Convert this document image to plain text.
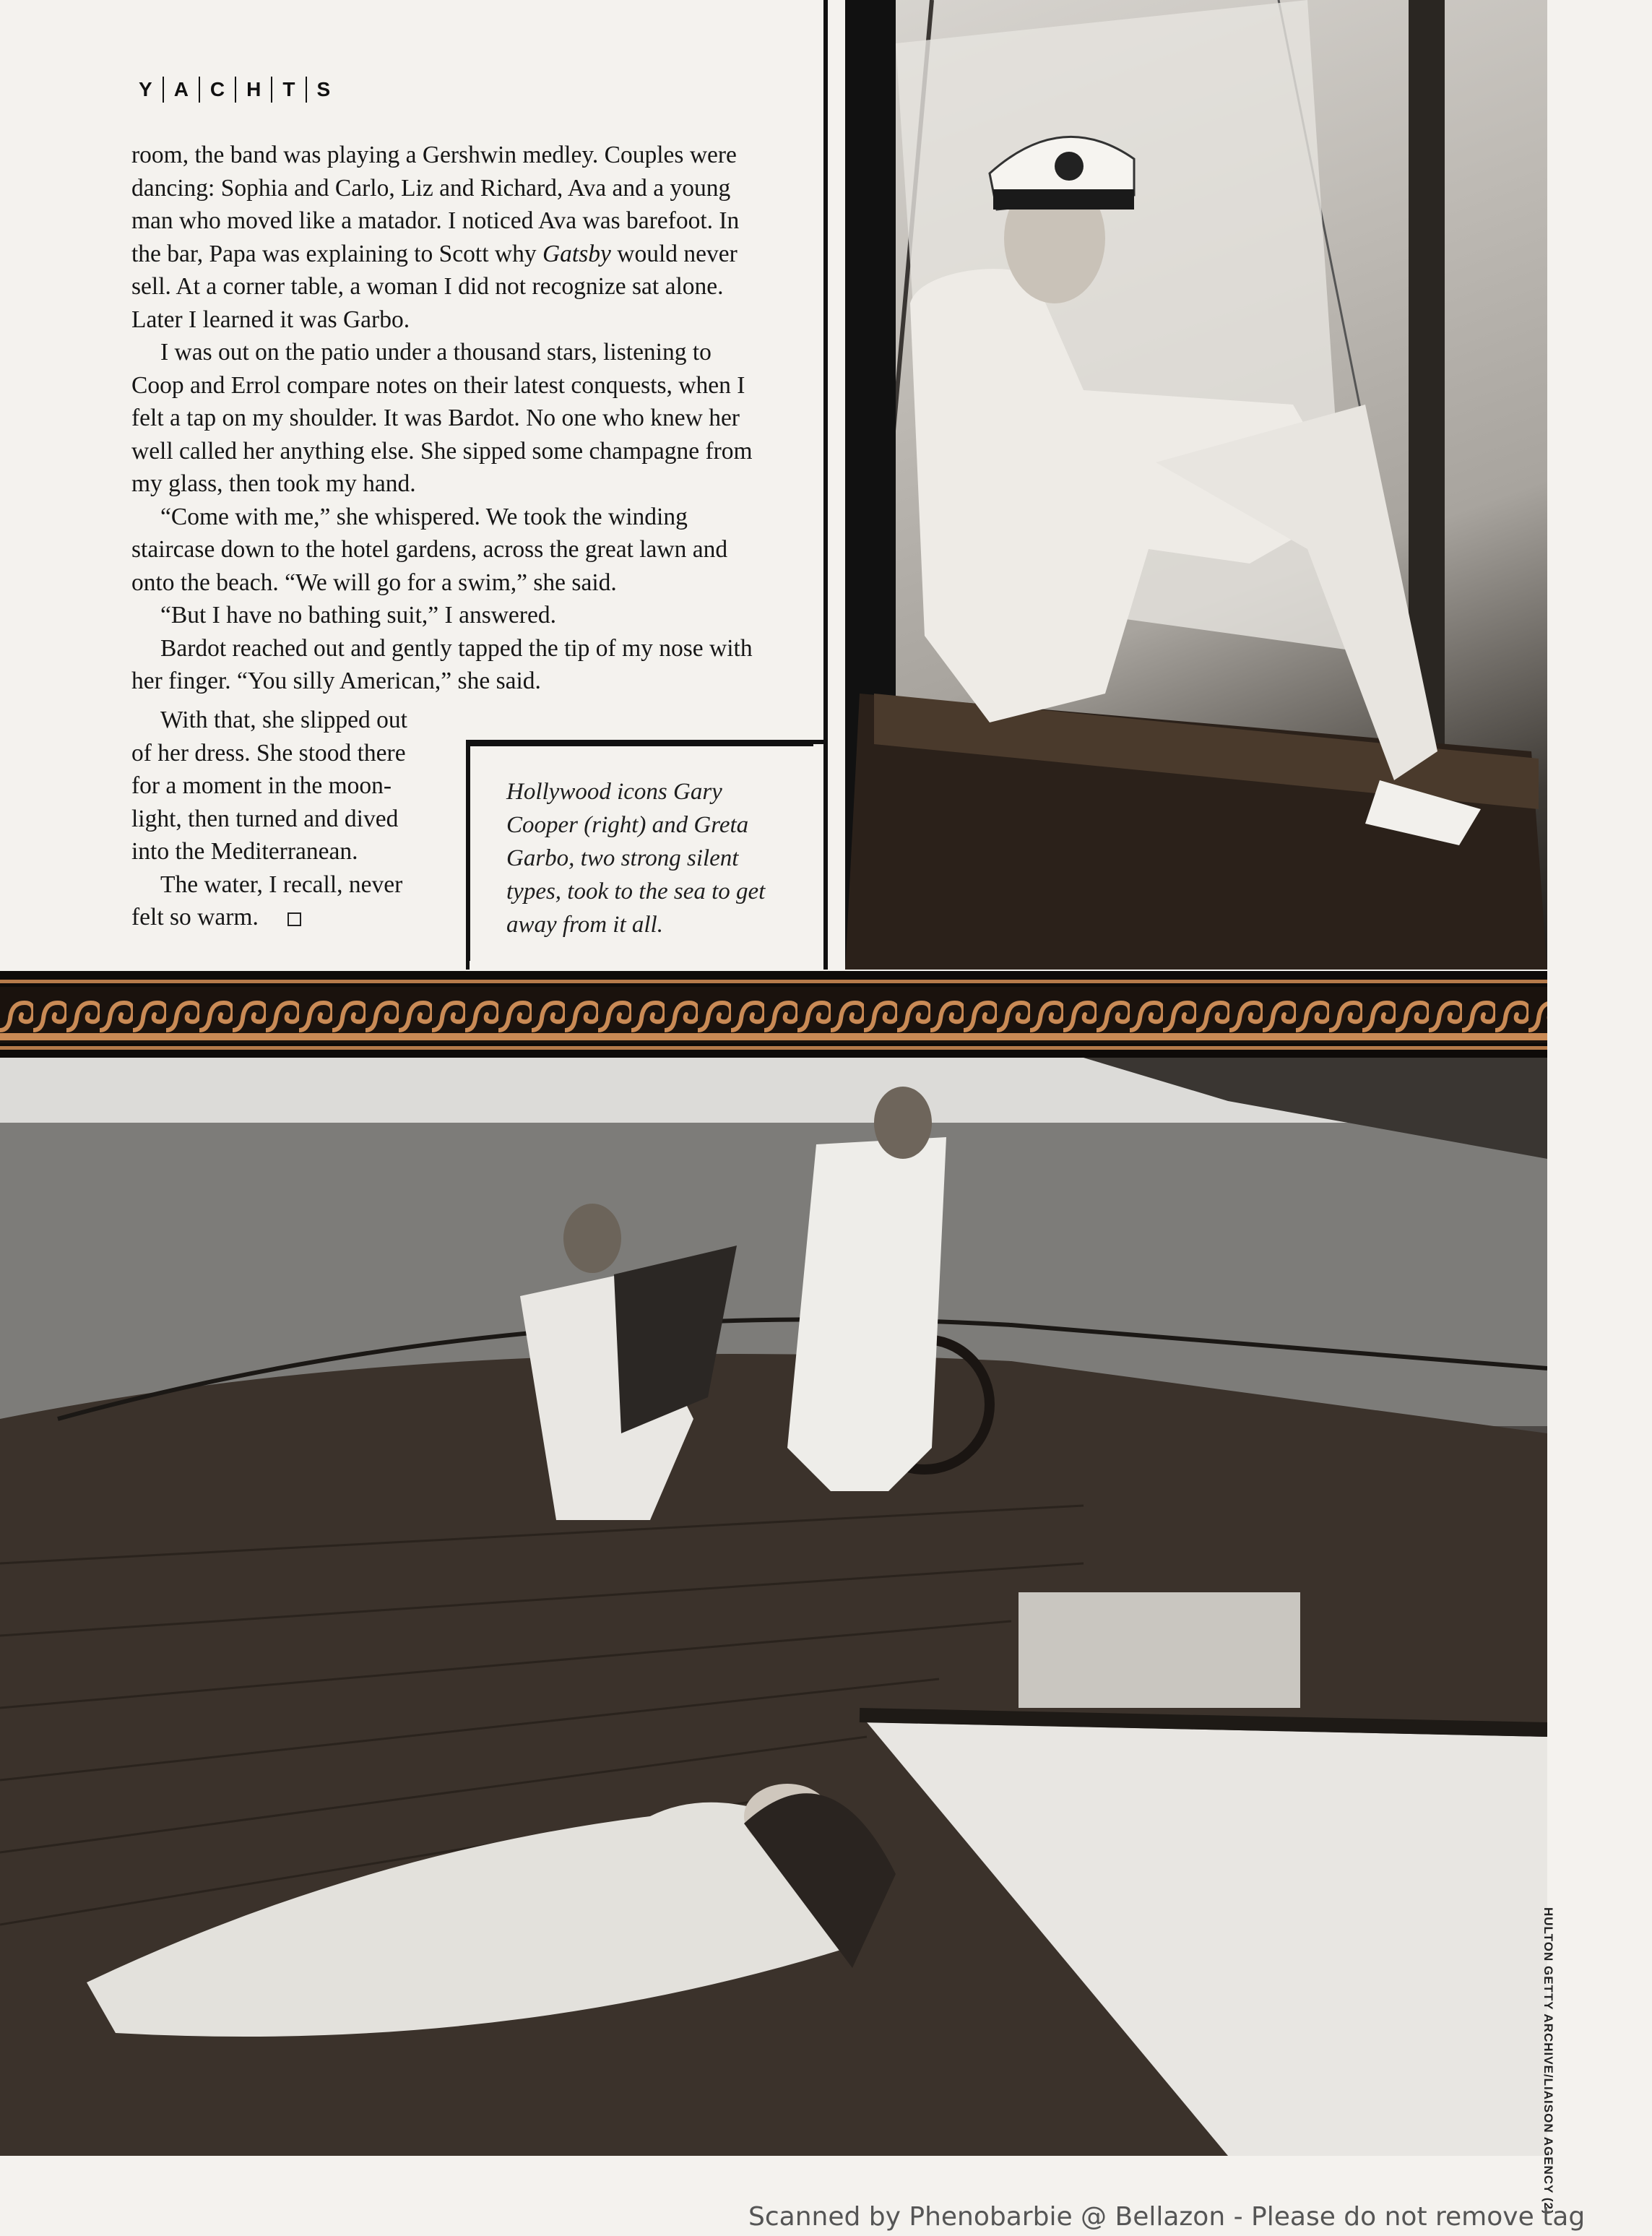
Y	A	C	H	T	S

room, the band was playing a Gershwin medley. Couples were dancing: Sophia and Carlo, Liz and Richard, Ava and a young man who moved like a matador. I noticed Ava was barefoot. In the bar, Papa was explaining to Scott why Gatsby would never sell. At a corner table, a woman I did not recognize sat alone. Later I learned it was Garbo.

I was out on the patio under a thousand stars, listening to Coop and Errol compare notes on their latest conquests, when I felt a tap on my shoulder. It was Bardot. No one who knew her well called her anything else. She sipped some champagne from my glass, then took my hand.

“Come with me,” she whispered. We took the winding staircase down to the hotel gardens, across the great lawn and onto the beach. “We will go for a swim,” she said.

“But I have no bathing suit,” I answered.

Bardot reached out and gently tapped the tip of my nose with her finger. “You silly American,” she said.

With that, she slipped out of her dress. She stood there for a moment in the moon-light, then turned and dived into the Mediterranean.

The water, I recall, never felt so warm.

Hollywood icons Gary Cooper (right) and Greta Garbo, two strong silent types, took to the sea to get away from it all.

HULTON GETTY ARCHIVE/LIAISON AGENCY (2)
Scanned by Phenobarbie @ Bellazon - Please do not remove tag
